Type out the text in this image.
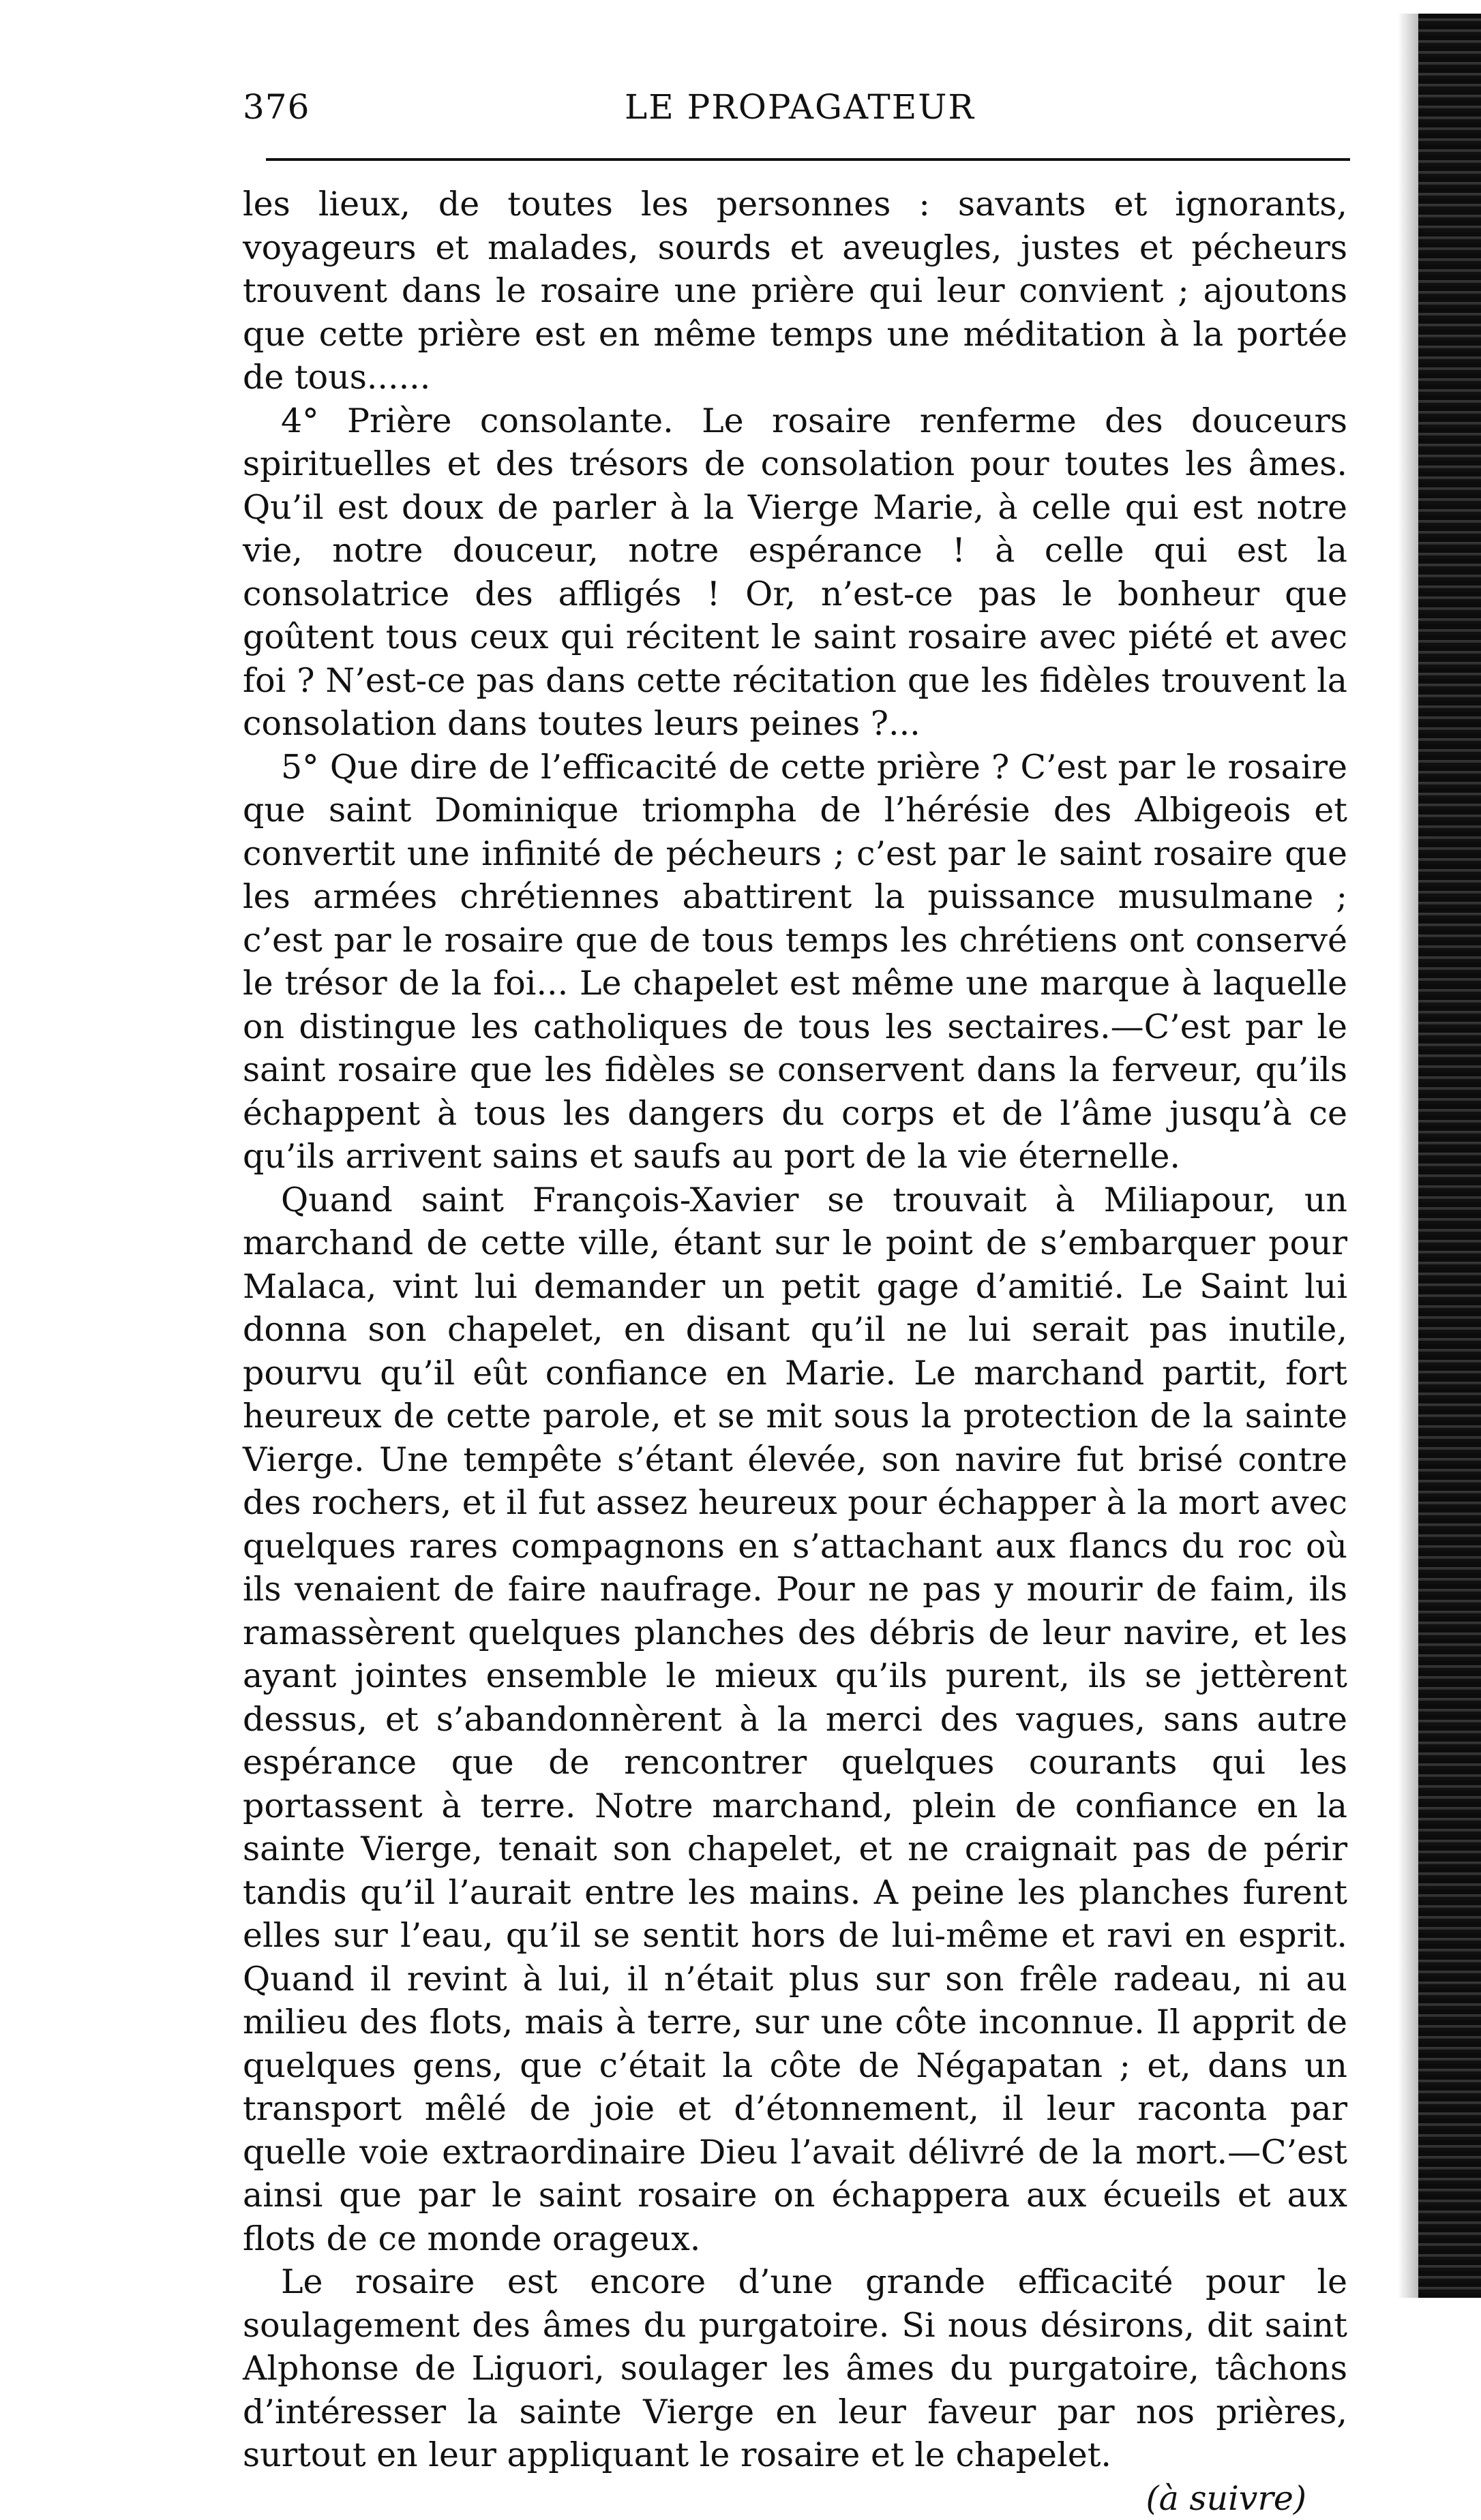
376	LE PROPAGATEUR

les lieux, de toutes les personnes : savants et ignorants, voyageurs et malades, sourds et aveugles, justes et pécheurs trouvent dans le rosaire une prière qui leur convient ; ajoutons que cette prière est en même temps une méditation à la portée de tous......

4° Prière consolante. Le rosaire renferme des douceurs spirituelles et des trésors de consolation pour toutes les âmes. Qu’il est doux de parler à la Vierge Marie, à celle qui est notre vie, notre douceur, notre espérance ! à celle qui est la consolatrice des affligés ! Or, n’est-ce pas le bonheur que goûtent tous ceux qui récitent le saint rosaire avec piété et avec foi ? N’est-ce pas dans cette récitation que les fidèles trouvent la consolation dans toutes leurs peines ?...

5° Que dire de l’efficacité de cette prière ? C’est par le rosaire que saint Dominique triompha de l’hérésie des Albigeois et convertit une infinité de pécheurs ; c’est par le saint rosaire que les armées chrétiennes abattirent la puissance musulmane ; c’est par le rosaire que de tous temps les chrétiens ont conservé le trésor de la foi... Le chapelet est même une marque à laquelle on distingue les catholiques de tous les sectaires.—C’est par le saint rosaire que les fidèles se conservent dans la ferveur, qu’ils échappent à tous les dangers du corps et de l’âme jusqu’à ce qu’ils arrivent sains et saufs au port de la vie éternelle.

Quand saint François-Xavier se trouvait à Miliapour, un marchand de cette ville, étant sur le point de s’embarquer pour Malaca, vint lui demander un petit gage d’amitié. Le Saint lui donna son chapelet, en disant qu’il ne lui serait pas inutile, pourvu qu’il eût confiance en Marie. Le marchand partit, fort heureux de cette parole, et se mit sous la protection de la sainte Vierge. Une tempête s’étant élevée, son navire fut brisé contre des rochers, et il fut assez heureux pour échapper à la mort avec quelques rares compagnons en s’attachant aux flancs du roc où ils venaient de faire naufrage. Pour ne pas y mourir de faim, ils ramassèrent quelques planches des débris de leur navire, et les ayant jointes ensemble le mieux qu’ils purent, ils se jettèrent dessus, et s’abandonnèrent à la merci des vagues, sans autre espérance que de rencontrer quelques courants qui les portassent à terre. Notre marchand, plein de confiance en la sainte Vierge, tenait son chapelet, et ne craignait pas de périr tandis qu’il l’aurait entre les mains. A peine les planches furent elles sur l’eau, qu’il se sentit hors de lui-même et ravi en esprit. Quand il revint à lui, il n’était plus sur son frêle radeau, ni au milieu des flots, mais à terre, sur une côte inconnue. Il apprit de quelques gens, que c’était la côte de Négapatan ; et, dans un transport mêlé de joie et d’étonnement, il leur raconta par quelle voie extraordinaire Dieu l’avait délivré de la mort.—C’est ainsi que par le saint rosaire on échappera aux écueils et aux flots de ce monde orageux.

Le rosaire est encore d’une grande efficacité pour le soulagement des âmes du purgatoire. Si nous désirons, dit saint Alphonse de Liguori, soulager les âmes du purgatoire, tâchons d’intéresser la sainte Vierge en leur faveur par nos prières, surtout en leur appliquant le rosaire et le chapelet.
(à suivre)
